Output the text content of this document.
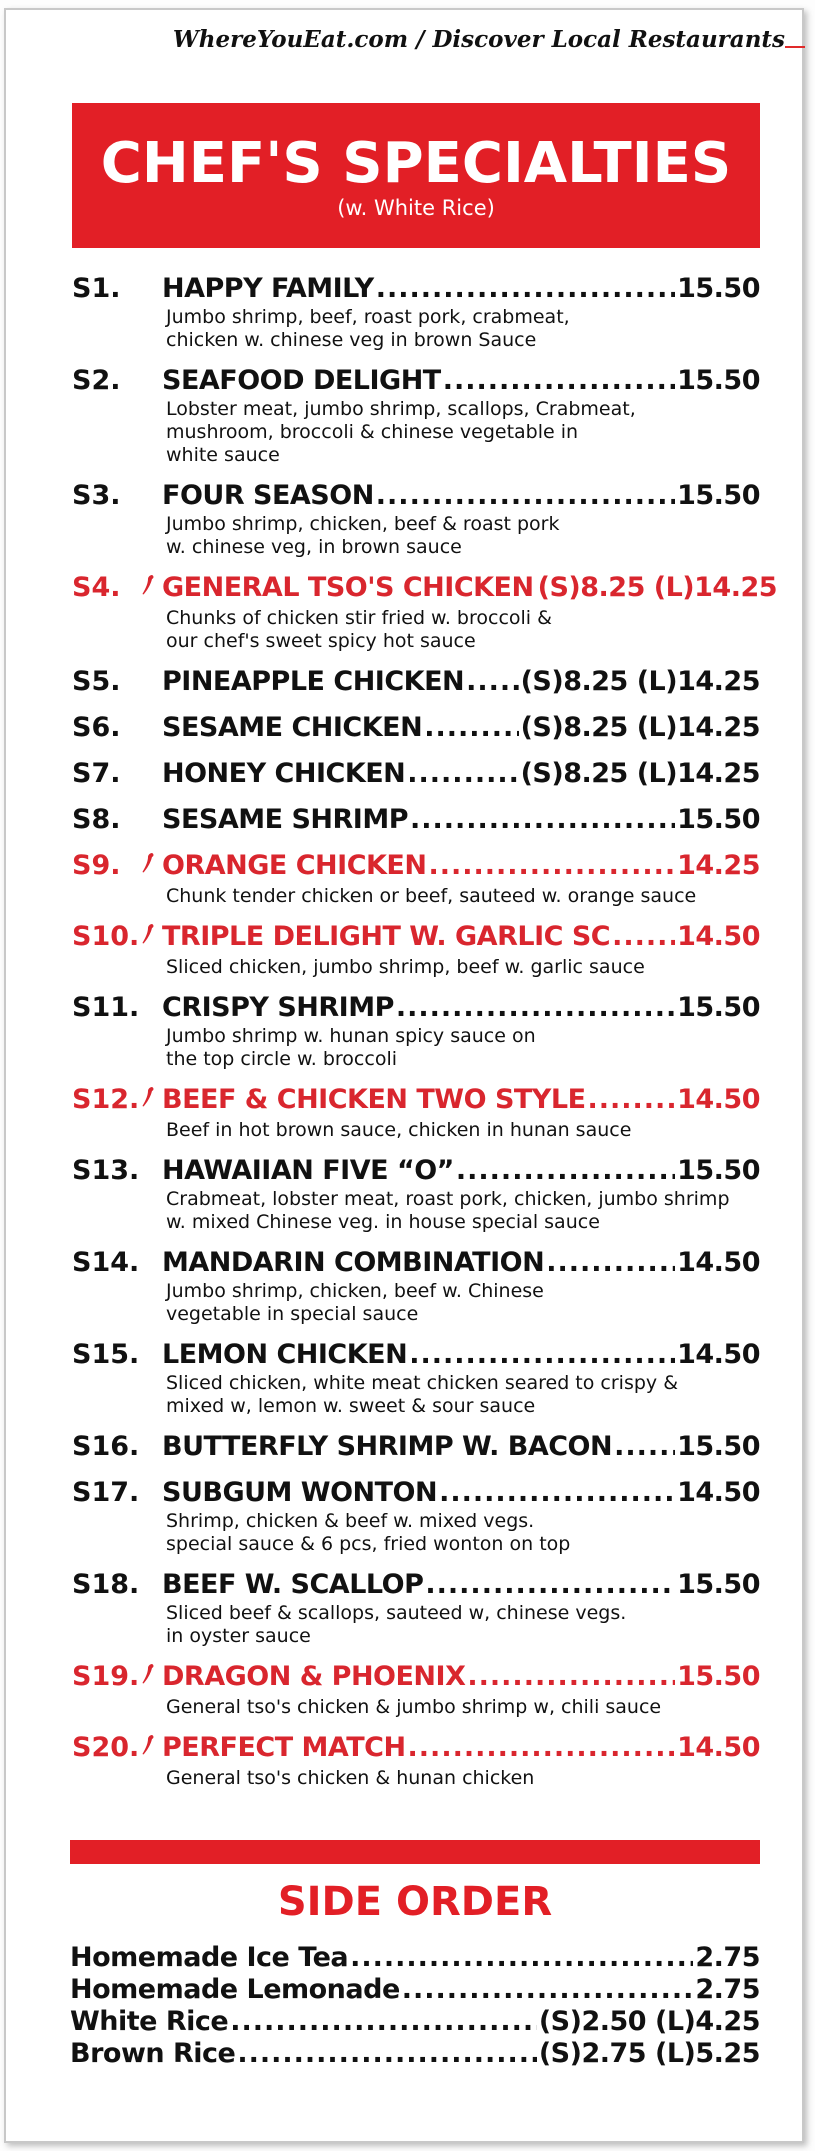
WhereYouEat.com / Discover Local Restaurants
CHEF'S SPECIALTIES
(w. White Rice)
S1.	HAPPY FAMILY .....	15.50
Jumbo shrimp, beef, roast pork, crabmeat,
chicken w. chinese veg in brown Sauce
S2.	SEAFOOD DELIGHT .....	15.50
Lobster meat, jumbo shrimp, scallops, Crabmeat,
mushroom, broccoli & chinese vegetable in
white sauce
S3.	FOUR SEASON .....	15.50
Jumbo shrimp, chicken, beef & roast pork
w. chinese veg, in brown sauce
S4.	GENERAL TSO'S CHICKEN (S)8.25 (L)14.25
Chunks of chicken stir fried w. broccoli &
our chef's sweet spicy hot sauce
S5.	PINEAPPLE CHICKEN ..... (S)8.25 (L)14.25
S6.	SESAME CHICKEN .....	(S)8.25 (L)14.25
S7.	HONEY CHICKEN .....	(S)8.25 (L)14.25
S8.	SESAME SHRIMP .....	15.50
S9.	ORANGE CHICKEN .....	14.25
Chunk tender chicken or beef, sauteed w. orange sauce
S10. TRIPLE DELIGHT W. GARLIC SC ..... 14.50
Sliced chicken, jumbo shrimp, beef w. garlic sauce
S11. CRISPY SHRIMP .....	15.50
Jumbo shrimp w. hunan spicy sauce on
the top circle w. broccoli
S12. BEEF & CHICKEN TWO STYLE .....	14.50
Beef in hot brown sauce, chicken in hunan sauce
S13. HAWAIIAN FIVE “O” .....	15.50
Crabmeat, lobster meat, roast pork, chicken, jumbo shrimp
w. mixed Chinese veg. in house special sauce
S14. MANDARIN COMBINATION .....	14.50
Jumbo shrimp, chicken, beef w. Chinese
vegetable in special sauce
S15. LEMON CHICKEN .....	14.50
Sliced chicken, white meat chicken seared to crispy &
mixed w, lemon w. sweet & sour sauce
S16. BUTTERFLY SHRIMP W. BACON ..... 15.50
S17. SUBGUM WONTON .....	14.50
Shrimp, chicken & beef w. mixed vegs.
special sauce & 6 pcs, fried wonton on top
S18. BEEF W. SCALLOP .....	15.50
Sliced beef & scallops, sauteed w, chinese vegs.
in oyster sauce
S19. DRAGON & PHOENIX .....	15.50
General tso's chicken & jumbo shrimp w, chili sauce
S20. PERFECT MATCH .....	14.50
General tso's chicken & hunan chicken
SIDE ORDER
Homemade Ice Tea .....	2.75
Homemade Lemonade .....	2.75
White Rice .....	(S)2.50 (L)4.25
Brown Rice .....	(S)2.75 (L)5.25
